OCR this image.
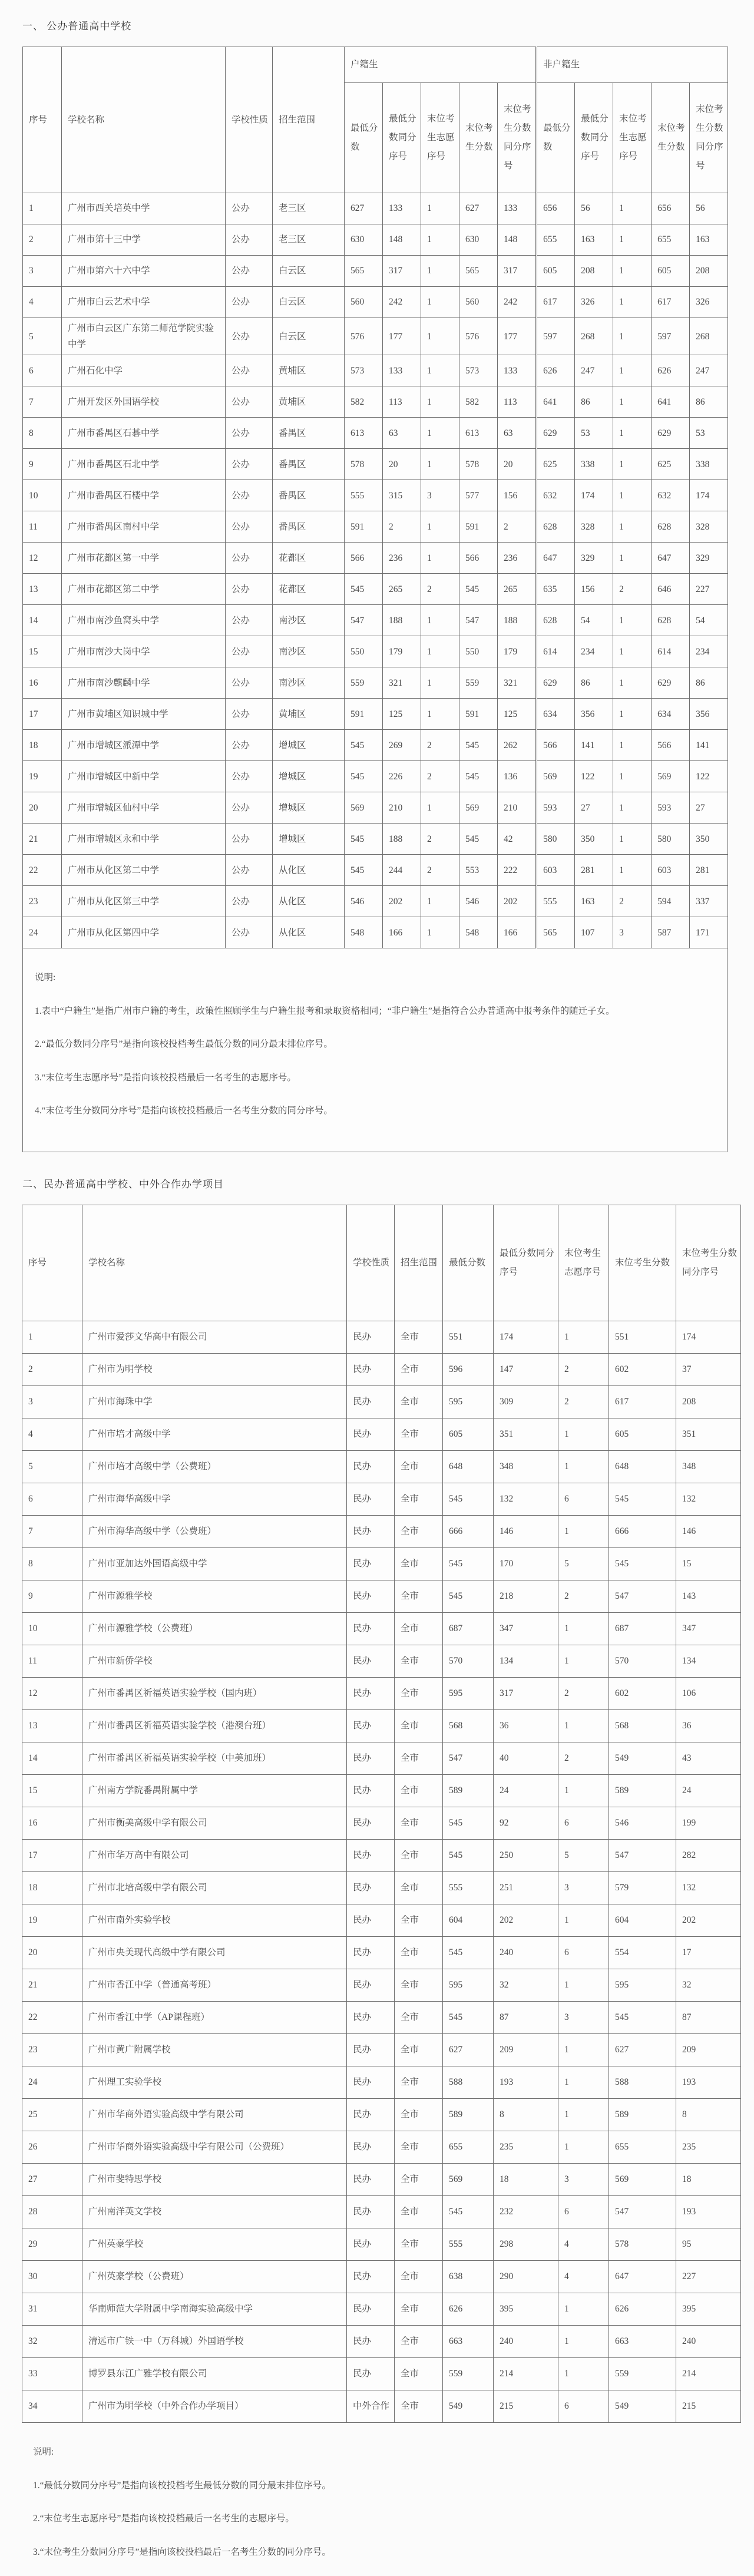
一、 公办普通高中学校
序号	学校名称	学校性质	招生范围	户籍生					非户籍生				
				最低分数	最低分数同分序号	末位考生志愿序号	末位考生分数	末位考生分数同分序号	最低分数	最低分数同分序号	末位考生志愿序号	末位考生分数	末位考生分数同分序号
1	广州市西关培英中学	公办	老三区	627	133	1	627	133	656	56	1	656	56
2	广州市第十三中学	公办	老三区	630	148	1	630	148	655	163	1	655	163
3	广州市第六十六中学	公办	白云区	565	317	1	565	317	605	208	1	605	208
4	广州市白云艺术中学	公办	白云区	560	242	1	560	242	617	326	1	617	326
5	广州市白云区广东第二师范学院实验中学	公办	白云区	576	177	1	576	177	597	268	1	597	268
6	广州石化中学	公办	黄埔区	573	133	1	573	133	626	247	1	626	247
7	广州开发区外国语学校	公办	黄埔区	582	113	1	582	113	641	86	1	641	86
8	广州市番禺区石碁中学	公办	番禺区	613	63	1	613	63	629	53	1	629	53
9	广州市番禺区石北中学	公办	番禺区	578	20	1	578	20	625	338	1	625	338
10	广州市番禺区石楼中学	公办	番禺区	555	315	3	577	156	632	174	1	632	174
11	广州市番禺区南村中学	公办	番禺区	591	2	1	591	2	628	328	1	628	328
12	广州市花都区第一中学	公办	花都区	566	236	1	566	236	647	329	1	647	329
13	广州市花都区第二中学	公办	花都区	545	265	2	545	265	635	156	2	646	227
14	广州市南沙鱼窝头中学	公办	南沙区	547	188	1	547	188	628	54	1	628	54
15	广州市南沙大岗中学	公办	南沙区	550	179	1	550	179	614	234	1	614	234
16	广州市南沙麒麟中学	公办	南沙区	559	321	1	559	321	629	86	1	629	86
17	广州市黄埔区知识城中学	公办	黄埔区	591	125	1	591	125	634	356	1	634	356
18	广州市增城区派潭中学	公办	增城区	545	269	2	545	262	566	141	1	566	141
19	广州市增城区中新中学	公办	增城区	545	226	2	545	136	569	122	1	569	122
20	广州市增城区仙村中学	公办	增城区	569	210	1	569	210	593	27	1	593	27
21	广州市增城区永和中学	公办	增城区	545	188	2	545	42	580	350	1	580	350
22	广州市从化区第二中学	公办	从化区	545	244	2	553	222	603	281	1	603	281
23	广州市从化区第三中学	公办	从化区	546	202	1	546	202	555	163	2	594	337
24	广州市从化区第四中学	公办	从化区	548	166	1	548	166	565	107	3	587	171

说明:

1.表中“户籍生”是指广州市户籍的考生，政策性照顾学生与户籍生报考和录取资格相同；“非户籍生”是指符合公办普通高中报考条件的随迁子女。

2.“最低分数同分序号”是指向该校投档考生最低分数的同分最末排位序号。

3.“末位考生志愿序号”是指向该校投档最后一名考生的志愿序号。

4.“末位考生分数同分序号”是指向该校投档最后一名考生分数的同分序号。

二、民办普通高中学校、中外合作办学项目
序号	学校名称	学校性质	招生范围	最低分数	最低分数同分序号	末位考生志愿序号	末位考生分数	末位考生分数同分序号
1	广州市爱莎文华高中有限公司	民办	全市	551	174	1	551	174
2	广州市为明学校	民办	全市	596	147	2	602	37
3	广州市海珠中学	民办	全市	595	309	2	617	208
4	广州市培才高级中学	民办	全市	605	351	1	605	351
5	广州市培才高级中学（公费班）	民办	全市	648	348	1	648	348
6	广州市海华高级中学	民办	全市	545	132	6	545	132
7	广州市海华高级中学（公费班）	民办	全市	666	146	1	666	146
8	广州市亚加达外国语高级中学	民办	全市	545	170	5	545	15
9	广州市源雅学校	民办	全市	545	218	2	547	143
10	广州市源雅学校（公费班）	民办	全市	687	347	1	687	347
11	广州市新侨学校	民办	全市	570	134	1	570	134
12	广州市番禺区祈福英语实验学校（国内班）	民办	全市	595	317	2	602	106
13	广州市番禺区祈福英语实验学校（港澳台班）	民办	全市	568	36	1	568	36
14	广州市番禺区祈福英语实验学校（中美加班）	民办	全市	547	40	2	549	43
15	广州南方学院番禺附属中学	民办	全市	589	24	1	589	24
16	广州市衡美高级中学有限公司	民办	全市	545	92	6	546	199
17	广州市华万高中有限公司	民办	全市	545	250	5	547	282
18	广州市北培高级中学有限公司	民办	全市	555	251	3	579	132
19	广州市南外实验学校	民办	全市	604	202	1	604	202
20	广州市央美现代高级中学有限公司	民办	全市	545	240	6	554	17
21	广州市香江中学（普通高考班）	民办	全市	595	32	1	595	32
22	广州市香江中学（AP课程班）	民办	全市	545	87	3	545	87
23	广州市黄广附属学校	民办	全市	627	209	1	627	209
24	广州理工实验学校	民办	全市	588	193	1	588	193
25	广州市华商外语实验高级中学有限公司	民办	全市	589	8	1	589	8
26	广州市华商外语实验高级中学有限公司（公费班）	民办	全市	655	235	1	655	235
27	广州市斐特思学校	民办	全市	569	18	3	569	18
28	广州南洋英文学校	民办	全市	545	232	6	547	193
29	广州英豪学校	民办	全市	555	298	4	578	95
30	广州英豪学校（公费班）	民办	全市	638	290	4	647	227
31	华南师范大学附属中学南海实验高级中学	民办	全市	626	395	1	626	395
32	清远市广铁一中（万科城）外国语学校	民办	全市	663	240	1	663	240
33	博罗县东江广雅学校有限公司	民办	全市	559	214	1	559	214
34	广州市为明学校（中外合作办学项目）	中外合作	全市	549	215	6	549	215

说明:

1.“最低分数同分序号”是指向该校投档考生最低分数的同分最末排位序号。

2.“末位考生志愿序号”是指向该校投档最后一名考生的志愿序号。

3.“末位考生分数同分序号”是指向该校投档最后一名考生分数的同分序号。
